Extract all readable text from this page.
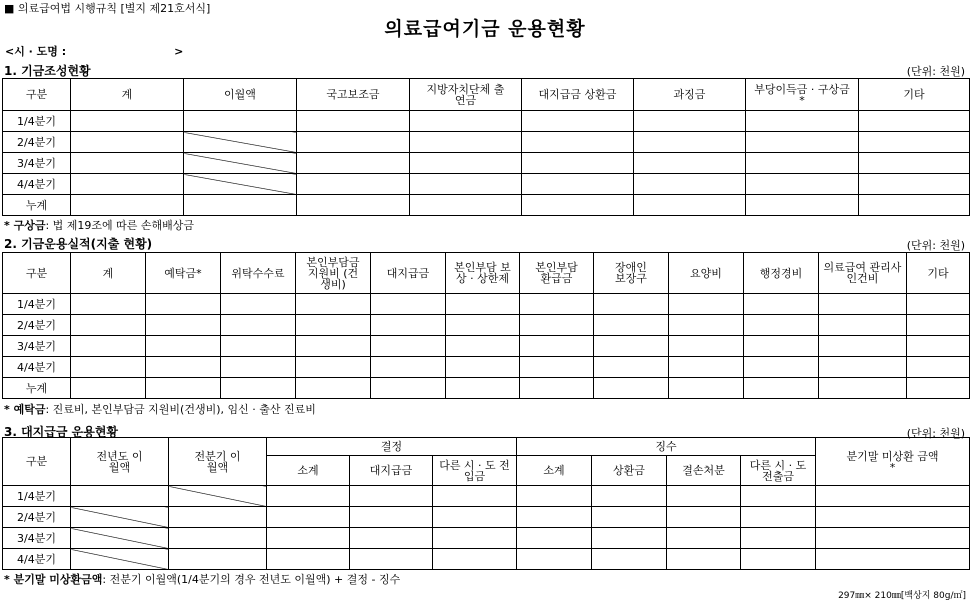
■ 의료급여법 시행규칙 [별지 제21호서식]
의료급여기금 운용현황
<시 · 도명 :	>
1. 기금조성현황	(단위: 천원)
구분	계	이월액	국고보조금	지방자치단체 출연금	대지급금 상환금	과징금	부당이득금 · 구상금*	기타
1/4분기								
2/4분기								
3/4분기								
4/4분기								
누계								
* 구상금: 법 제19조에 따른 손해배상금
2. 기금운용실적(지출 현황)	(단위: 천원)
구분	계	예탁금*	위탁수수료	본인부담금 지원비 (건생비)	대지급금	본인부담 보상 · 상한제	본인부담 환급금	장애인 보장구	요양비	행정경비	의료급여 관리사 인건비	기타
1/4분기												
2/4분기												
3/4분기												
4/4분기												
누계												
* 예탁금: 진료비, 본인부담금 지원비(건생비), 임신 · 출산 진료비
3. 대지급금 운용현황	(단위: 천원)
구분	전년도 이월액	전분기 이월액	결정			징수				분기말 미상환 금액 *
			소계	대지급금	다른 시 · 도 전입금	소계	상환금	결손처분	다른 시 · 도 전출금	
1/4분기										
2/4분기										
3/4분기										
4/4분기										
* 분기말 미상환금액: 전분기 이월액(1/4분기의 경우 전년도 이월액) + 결정 - 징수
297㎜× 210㎜[백상지 80g/㎡]
